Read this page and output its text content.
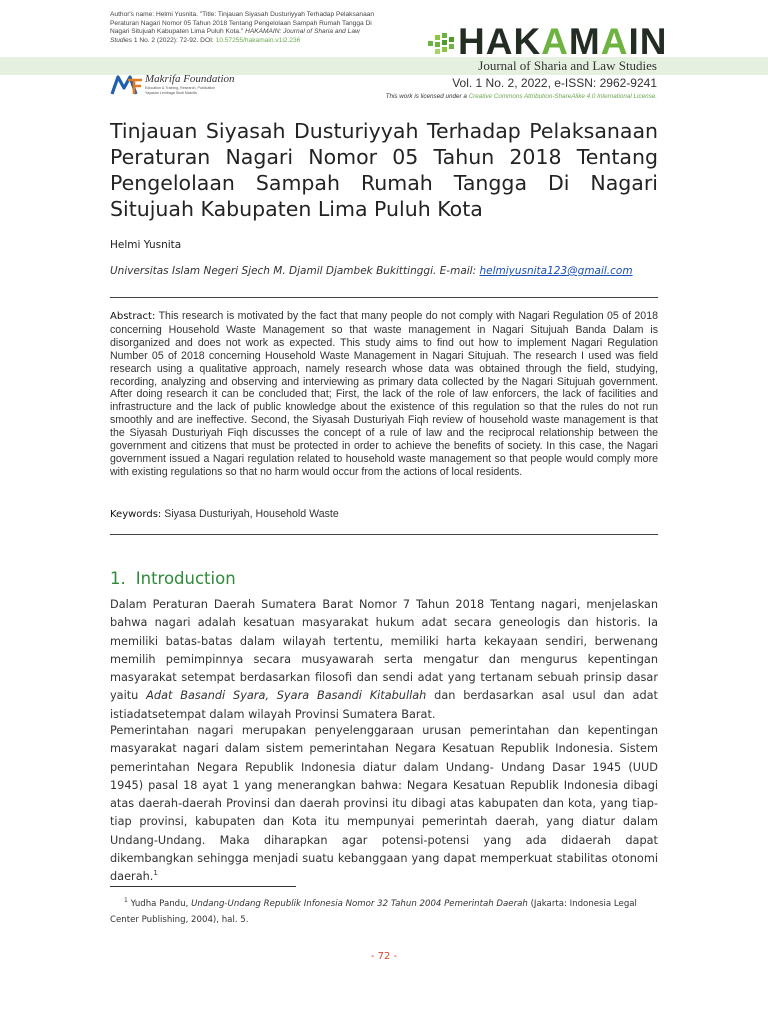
Author's name: Helmi Yusnita. "Title: Tinjauan Siyasah Dusturiyyah Terhadap Pelaksanaan Peraturan Nagari Nomor 05 Tahun 2018 Tentang Pengelolaan Sampah Rumah Tangga Di Nagari Situjuah Kabupaten Lima Puluh Kota." HAKAMAIN: Journal of Sharia and Law Studies 1 No. 2 (2022): 72-92. DOI: 10.57255/hakamain.v1i2.236	HAKAMAIN
Journal of Sharia and Law Studies
Vol. 1 No. 2, 2022, e-ISSN: 2962-9241
This work is licensed under a Creative Commons Attribution-ShareAlike 4.0 International License.
Makrifa Foundation
Education & Training, Research, Publication
Yayasan Lembaga Studi Makrifa
Tinjauan Siyasah Dusturiyyah Terhadap Pelaksanaan Peraturan Nagari Nomor 05 Tahun 2018 Tentang Pengelolaan Sampah Rumah Tangga Di Nagari Situjuah Kabupaten Lima Puluh Kota
Helmi Yusnita
Universitas Islam Negeri Sjech M. Djamil Djambek Bukittinggi. E-mail: helmiyusnita123@gmail.com
Abstract: This research is motivated by the fact that many people do not comply with Nagari Regulation 05 of 2018 concerning Household Waste Management so that waste management in Nagari Situjuah Banda Dalam is disorganized and does not work as expected. This study aims to find out how to implement Nagari Regulation Number 05 of 2018 concerning Household Waste Management in Nagari Situjuah. The research I used was field research using a qualitative approach, namely research whose data was obtained through the field, studying, recording, analyzing and observing and interviewing as primary data collected by the Nagari Situjuah government. After doing research it can be concluded that; First, the lack of the role of law enforcers, the lack of facilities and infrastructure and the lack of public knowledge about the existence of this regulation so that the rules do not run smoothly and are ineffective. Second, the Siyasah Dusturiyah Fiqh review of household waste management is that the Siyasah Dusturiyah Fiqh discusses the concept of a rule of law and the reciprocal relationship between the government and citizens that must be protected in order to achieve the benefits of society. In this case, the Nagari government issued a Nagari regulation related to household waste management so that people would comply more with existing regulations so that no harm would occur from the actions of local residents.
Keywords: Siyasa Dusturiyah, Household Waste
1. Introduction
Dalam Peraturan Daerah Sumatera Barat Nomor 7 Tahun 2018 Tentang nagari, menjelaskan bahwa nagari adalah kesatuan masyarakat hukum adat secara geneologis dan historis. Ia memiliki batas-batas dalam wilayah tertentu, memiliki harta kekayaan sendiri, berwenang memilih pemimpinnya secara musyawarah serta mengatur dan mengurus kepentingan masyarakat setempat berdasarkan filosofi dan sendi adat yang tertanam sebuah prinsip dasar yaitu Adat Basandi Syara, Syara Basandi Kitabullah dan berdasarkan asal usul dan adat istiadatsetempat dalam wilayah Provinsi Sumatera Barat.
Pemerintahan nagari merupakan penyelenggaraan urusan pemerintahan dan kepentingan masyarakat nagari dalam sistem pemerintahan Negara Kesatuan Republik Indonesia. Sistem pemerintahan Negara Republik Indonesia diatur dalam Undang- Undang Dasar 1945 (UUD 1945) pasal 18 ayat 1 yang menerangkan bahwa: Negara Kesatuan Republik Indonesia dibagi atas daerah-daerah Provinsi dan daerah provinsi itu dibagi atas kabupaten dan kota, yang tiap- tiap provinsi, kabupaten dan Kota itu mempunyai pemerintah daerah, yang diatur dalam Undang-Undang. Maka diharapkan agar potensi-potensi yang ada didaerah dapat dikembangkan sehingga menjadi suatu kebanggaan yang dapat memperkuat stabilitas otonomi daerah.$^1$
$^1$ Yudha Pandu, Undang-Undang Republik Infonesia Nomor 32 Tahun 2004 Pemerintah Daerah (Jakarta: Indonesia Legal Center Publishing, 2004), hal. 5.
- 72 -
